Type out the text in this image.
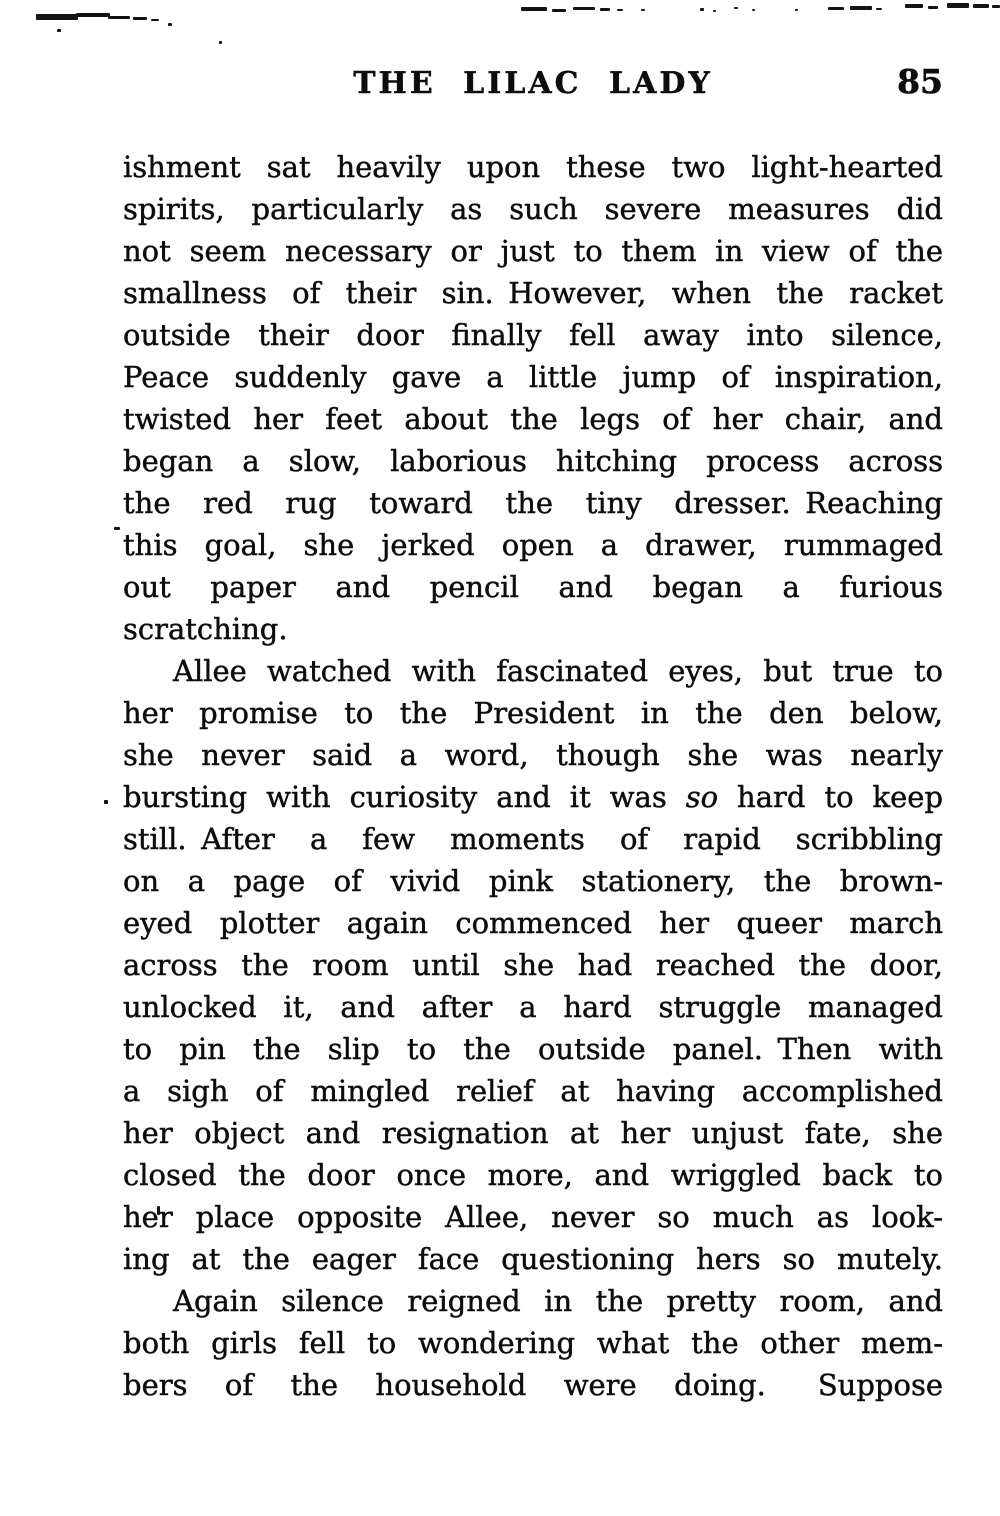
THE LILAC LADY	85
ishment sat heavily upon these two light-hearted
spirits, particularly as such severe measures did
not seem necessary or just to them in view of the
smallness of their sin. However, when the racket
outside their door finally fell away into silence,
Peace suddenly gave a little jump of inspiration,
twisted her feet about the legs of her chair, and
began a slow, laborious hitching process across
the red rug toward the tiny dresser. Reaching
this goal, she jerked open a drawer, rummaged
out paper and pencil and began a furious
scratching.
Allee watched with fascinated eyes, but true to
her promise to the President in the den below,
she never said a word, though she was nearly
bursting with curiosity and it was so hard to keep
still. After a few moments of rapid scribbling
on a page of vivid pink stationery, the brown-
eyed plotter again commenced her queer march
across the room until she had reached the door,
unlocked it, and after a hard struggle managed
to pin the slip to the outside panel. Then with
a sigh of mingled relief at having accomplished
her object and resignation at her unjust fate, she
closed the door once more, and wriggled back to
her place opposite Allee, never so much as look-
ing at the eager face questioning hers so mutely.
Again silence reigned in the pretty room, and
both girls fell to wondering what the other mem-
bers of the household were doing.  Suppose
